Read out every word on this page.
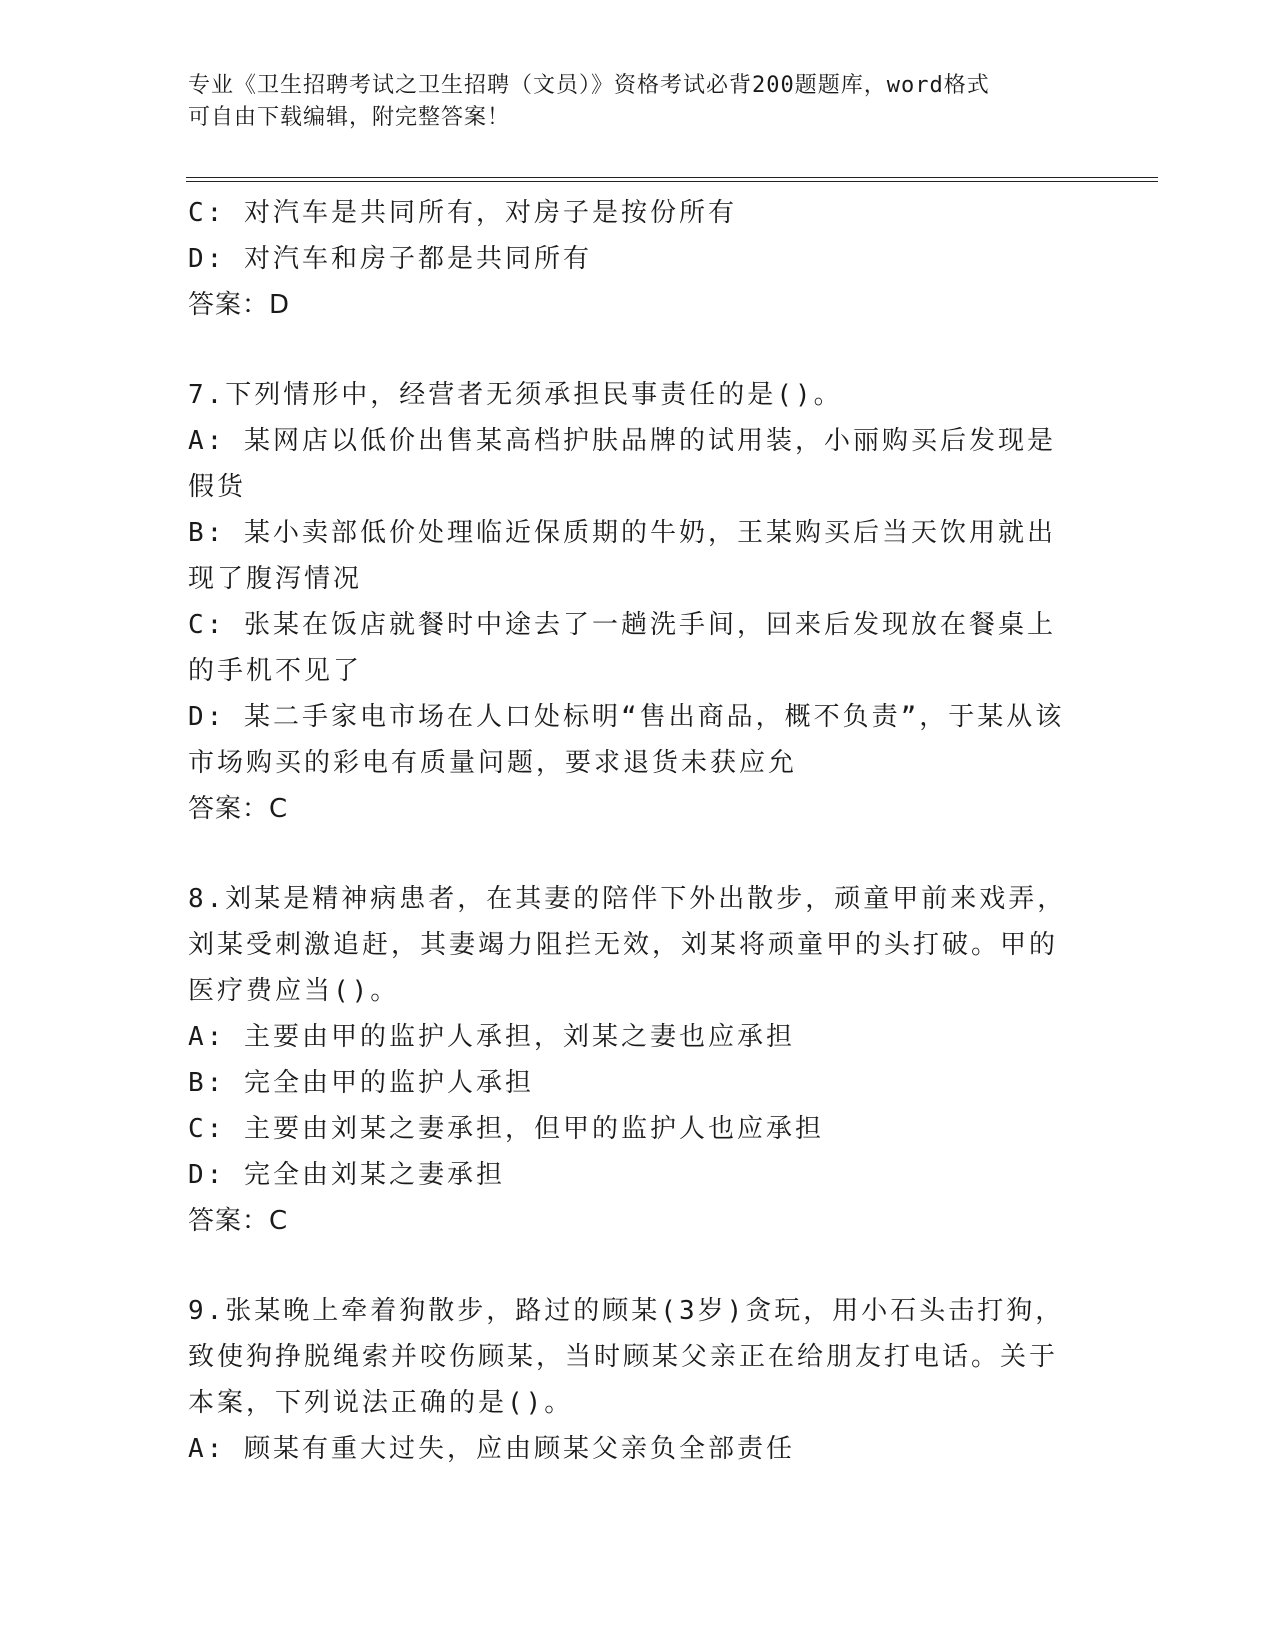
专业《卫生招聘考试之卫生招聘（文员）》资格考试必背200题题库，word格式
可自由下载编辑，附完整答案！
C: 对汽车是共同所有，对房子是按份所有
D: 对汽车和房子都是共同所有
答案：D
7.下列情形中，经营者无须承担民事责任的是()。
A: 某网店以低价出售某高档护肤品牌的试用装，小丽购买后发现是假货
B: 某小卖部低价处理临近保质期的牛奶，王某购买后当天饮用就出现了腹泻情况
C: 张某在饭店就餐时中途去了一趟洗手间，回来后发现放在餐桌上的手机不见了
D: 某二手家电市场在人口处标明“售出商品，概不负责”，于某从该市场购买的彩电有质量问题，要求退货未获应允
答案：C
8.刘某是精神病患者，在其妻的陪伴下外出散步，顽童甲前来戏弄，刘某受刺激追赶，其妻竭力阻拦无效，刘某将顽童甲的头打破。甲的医疗费应当()。
A: 主要由甲的监护人承担，刘某之妻也应承担
B: 完全由甲的监护人承担
C: 主要由刘某之妻承担，但甲的监护人也应承担
D: 完全由刘某之妻承担
答案：C
9.张某晚上牵着狗散步，路过的顾某(3岁)贪玩，用小石头击打狗，致使狗挣脱绳索并咬伤顾某，当时顾某父亲正在给朋友打电话。关于本案，下列说法正确的是()。
A: 顾某有重大过失，应由顾某父亲负全部责任
